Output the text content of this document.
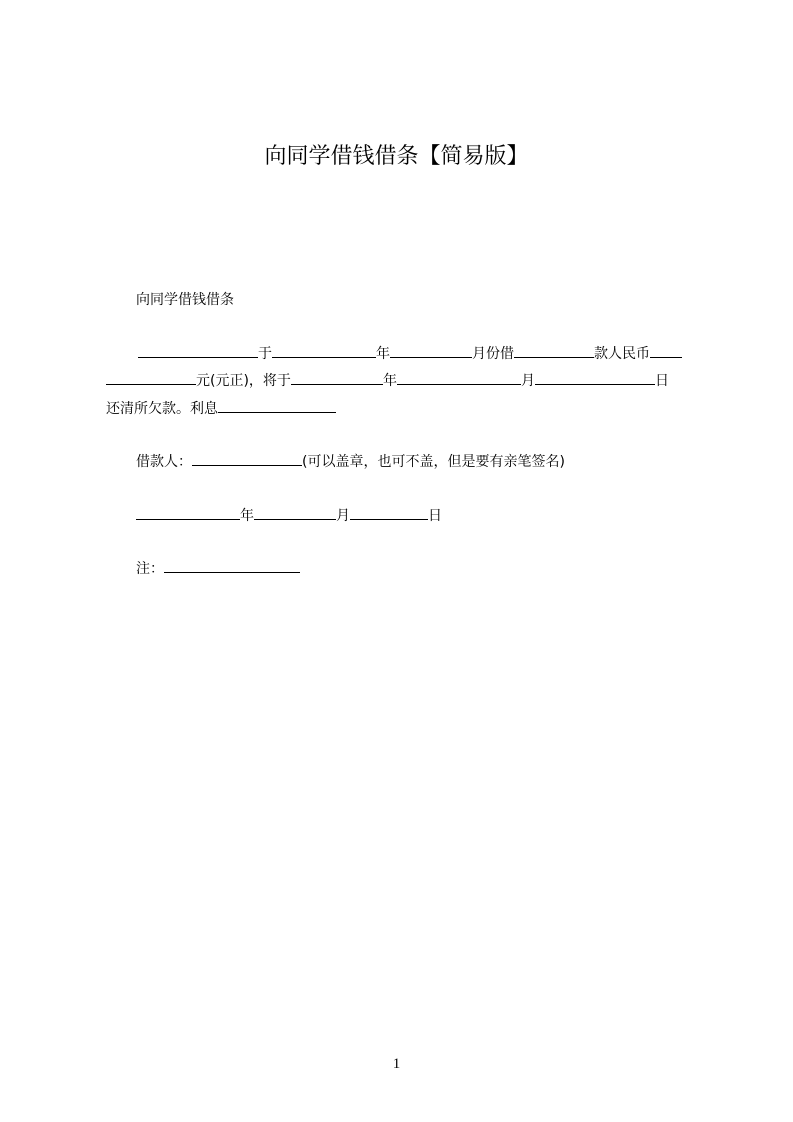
向同学借钱借条【简易版】
向同学借钱借条
于	年	月份借	款人民币
元(元正)，将于	年	月	日
还清所欠款。利息
借款人：	(可以盖章，也可不盖，但是要有亲笔签名)
年	月	日
注：
1
